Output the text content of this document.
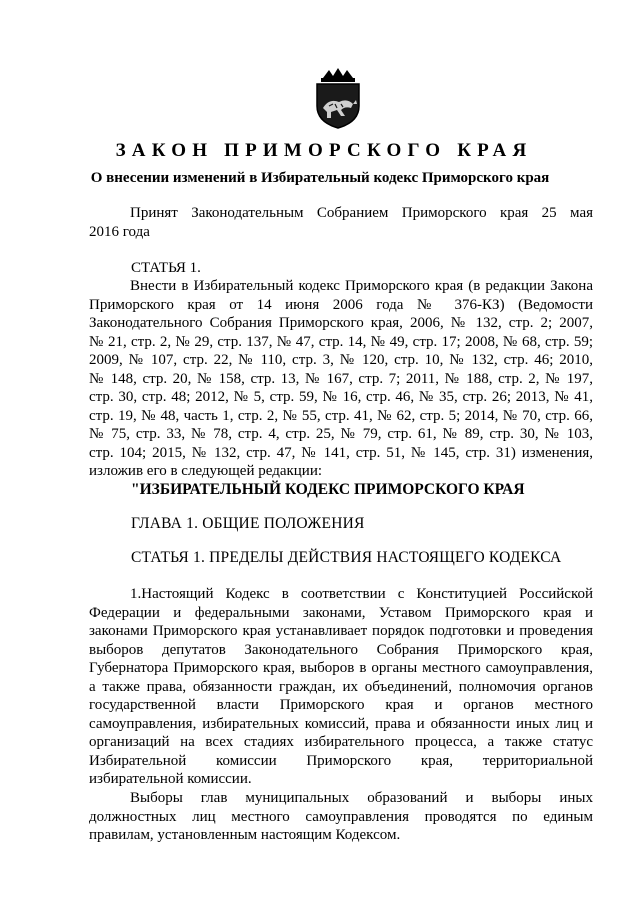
ЗАКОН ПРИМОРСКОГО КРАЯ
О внесении изменений в Избирательный кодекс Приморского края
Принят Законодательным Собранием Приморского края 25 мая
2016 года
СТАТЬЯ 1.
Внести в Избирательный кодекс Приморского края (в редакции Закона
Приморского края от 14 июня 2006 года № 376-КЗ) (Ведомости
Законодательного Собрания Приморского края, 2006, № 132, стр. 2; 2007,
№ 21, стр. 2, № 29, стр. 137, № 47, стр. 14, № 49, стр. 17; 2008, № 68, стр. 59;
2009, № 107, стр. 22, № 110, стр. 3, № 120, стр. 10, № 132, стр. 46; 2010,
№ 148, стр. 20, № 158, стр. 13, № 167, стр. 7; 2011, № 188, стр. 2, № 197,
стр. 30, стр. 48; 2012, № 5, стр. 59, № 16, стр. 46, № 35, стр. 26; 2013, № 41,
стр. 19, № 48, часть 1, стр. 2, № 55, стр. 41, № 62, стр. 5; 2014, № 70, стр. 66,
№ 75, стр. 33, № 78, стр. 4, стр. 25, № 79, стр. 61, № 89, стр. 30, № 103,
стр. 104; 2015, № 132, стр. 47, № 141, стр. 51, № 145, стр. 31) изменения,
изложив его в следующей редакции:
"ИЗБИРАТЕЛЬНЫЙ КОДЕКС ПРИМОРСКОГО КРАЯ
ГЛАВА 1. ОБЩИЕ ПОЛОЖЕНИЯ
СТАТЬЯ 1. ПРЕДЕЛЫ ДЕЙСТВИЯ НАСТОЯЩЕГО КОДЕКСА
1.Настоящий Кодекс в соответствии с Конституцией Российской
Федерации и федеральными законами, Уставом Приморского края и
законами Приморского края устанавливает порядок подготовки и проведения
выборов депутатов Законодательного Собрания Приморского края,
Губернатора Приморского края, выборов в органы местного самоуправления,
а также права, обязанности граждан, их объединений, полномочия органов
государственной власти Приморского края и органов местного
самоуправления, избирательных комиссий, права и обязанности иных лиц и
организаций на всех стадиях избирательного процесса, а также статус
Избирательной комиссии Приморского края, территориальной
избирательной комиссии.
Выборы глав муниципальных образований и выборы иных
должностных лиц местного самоуправления проводятся по единым
правилам, установленным настоящим Кодексом.
